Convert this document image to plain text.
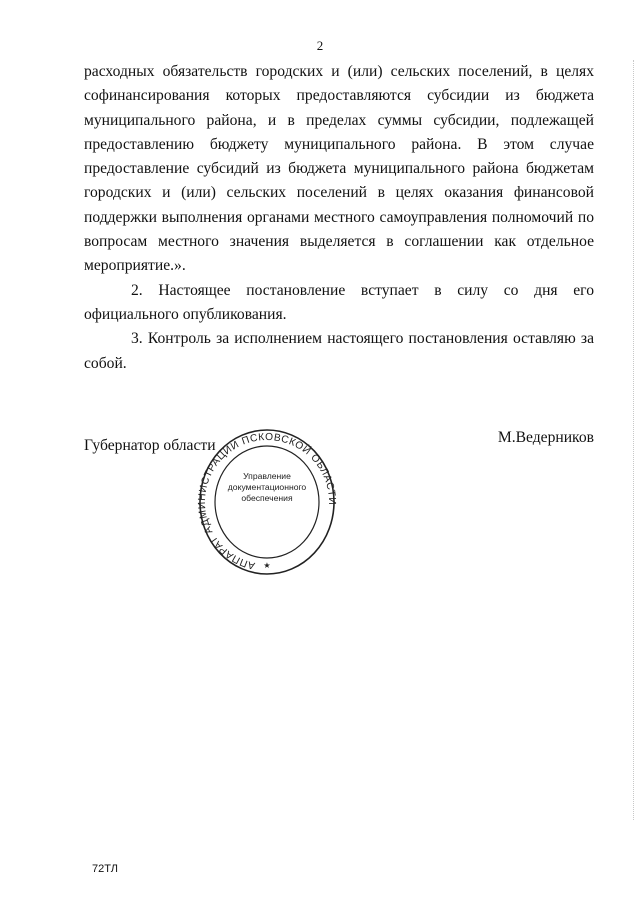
2

расходных обязательств городских и (или) сельских поселений, в целях софинансирования которых предоставляются субсидии из бюджета муниципального района, и в пределах суммы субсидии, подлежащей предоставлению бюджету муниципального района. В этом случае предоставление субсидий из бюджета муниципального района бюджетам городских и (или) сельских поселений в целях оказания финансовой поддержки выполнения органами местного самоуправления полномочий по вопросам местного значения выделяется в соглашении как отдельное мероприятие.».

2. Настоящее постановление вступает в силу со дня его официального опубликования.

3. Контроль за исполнением настоящего постановления оставляю за собой.

Губернатор области	М.Ведерников
АППАРАТ АДМИНИСТРАЦИИ ПСКОВСКОЙ ОБЛАСТИ
Управление
документационного
обеспечения
★
72ТЛ
